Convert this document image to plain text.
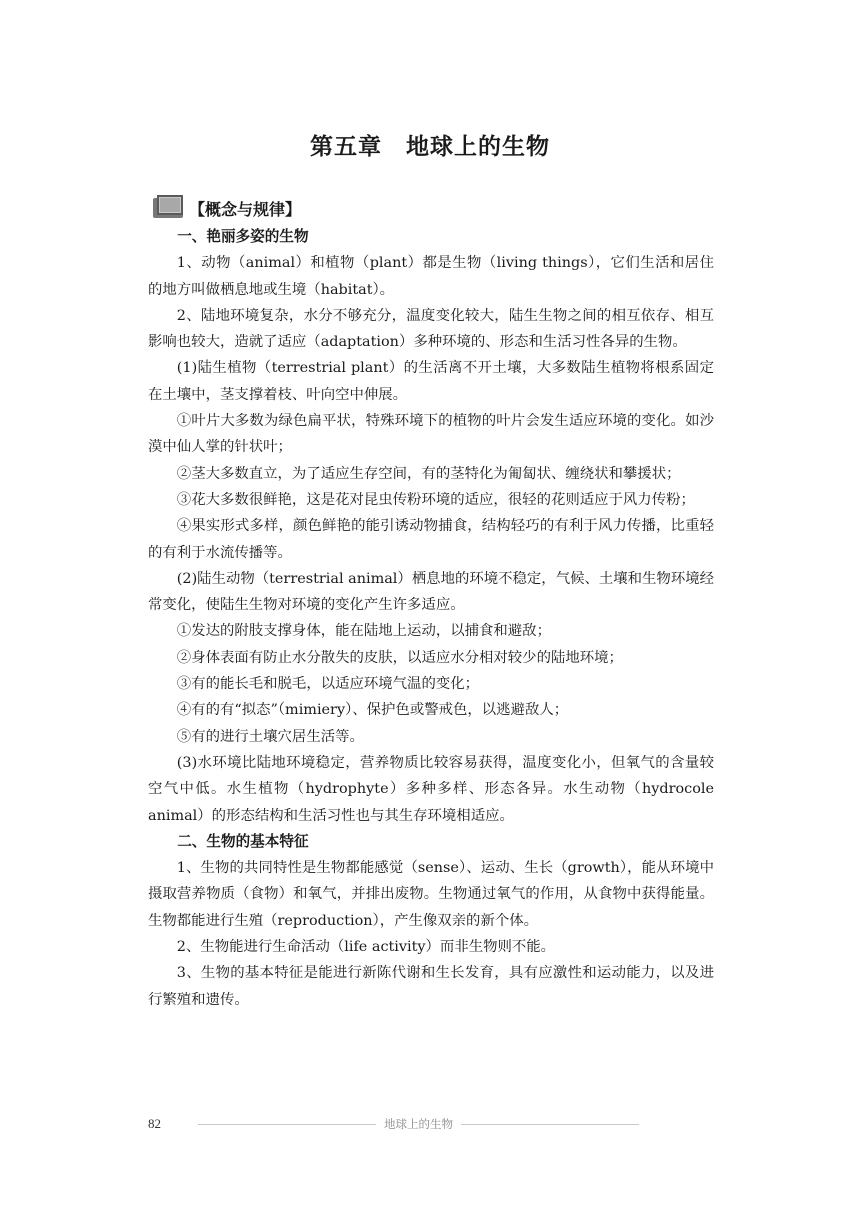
第五章　地球上的生物
【概念与规律】
一、艳丽多姿的生物

1、动物（animal）和植物（plant）都是生物（living things），它们生活和居住的地方叫做栖息地或生境（habitat）。

2、陆地环境复杂，水分不够充分，温度变化较大，陆生生物之间的相互依存、相互影响也较大，造就了适应（adaptation）多种环境的、形态和生活习性各异的生物。

(1)陆生植物（terrestrial plant）的生活离不开土壤，大多数陆生植物将根系固定在土壤中，茎支撑着枝、叶向空中伸展。

①叶片大多数为绿色扁平状，特殊环境下的植物的叶片会发生适应环境的变化。如沙漠中仙人掌的针状叶；

②茎大多数直立，为了适应生存空间，有的茎特化为匍匐状、缠绕状和攀援状；

③花大多数很鲜艳，这是花对昆虫传粉环境的适应，很轻的花则适应于风力传粉；

④果实形式多样，颜色鲜艳的能引诱动物捕食，结构轻巧的有利于风力传播，比重轻的有利于水流传播等。

(2)陆生动物（terrestrial animal）栖息地的环境不稳定，气候、土壤和生物环境经常变化，使陆生生物对环境的变化产生许多适应。

①发达的附肢支撑身体，能在陆地上运动，以捕食和避敌；

②身体表面有防止水分散失的皮肤，以适应水分相对较少的陆地环境；

③有的能长毛和脱毛，以适应环境气温的变化；

④有的有“拟态”（mimiery）、保护色或警戒色，以逃避敌人；

⑤有的进行土壤穴居生活等。

(3)水环境比陆地环境稳定，营养物质比较容易获得，温度变化小，但氧气的含量较空气中低。水生植物（hydrophyte）多种多样、形态各异。水生动物（hydrocole animal）的形态结构和生活习性也与其生存环境相适应。

二、生物的基本特征

1、生物的共同特性是生物都能感觉（sense）、运动、生长（growth），能从环境中摄取营养物质（食物）和氧气，并排出废物。生物通过氧气的作用，从食物中获得能量。生物都能进行生殖（reproduction），产生像双亲的新个体。

2、生物能进行生命活动（life activity）而非生物则不能。

3、生物的基本特征是能进行新陈代谢和生长发育，具有应激性和运动能力，以及进行繁殖和遗传。

82	地球上的生物
